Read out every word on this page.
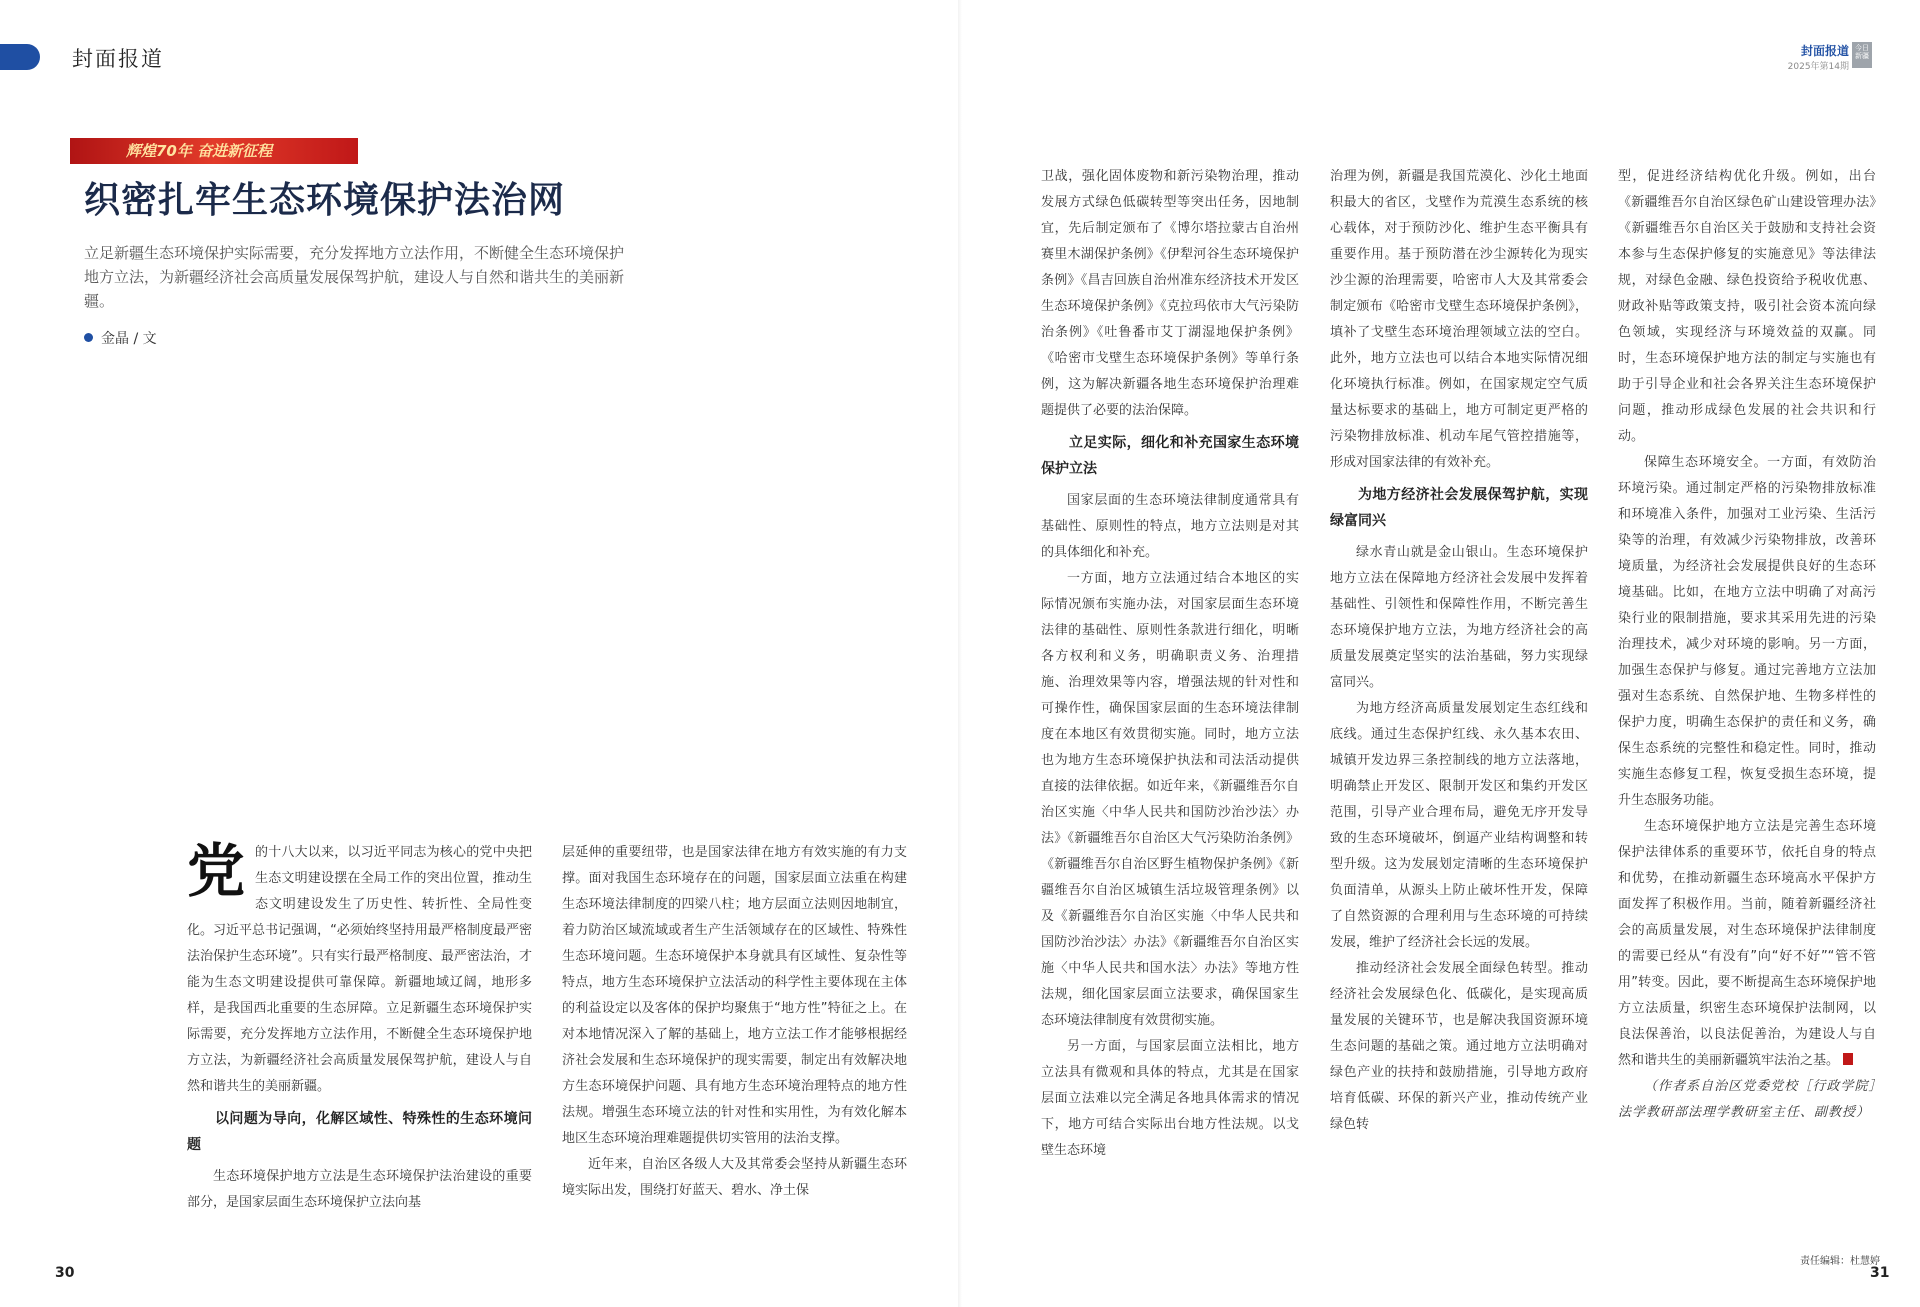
封面报道	封面报道
2025年第14期
今日新疆
辉煌70年 奋进新征程
织密扎牢生态环境保护法治网
立足新疆生态环境保护实际需要，充分发挥地方立法作用，不断健全生态环境保护地方立法，为新疆经济社会高质量发展保驾护航，建设人与自然和谐共生的美丽新疆。
金晶 / 文
党 的十八大以来，以习近平同志为核心的党中央把生态文明建设摆在全局工作的突出位置，推动生态文明建设发生了历史性、转折性、全局性变化。习近平总书记强调，“必须始终坚持用最严格制度最严密法治保护生态环境”。只有实行最严格制度、最严密法治，才能为生态文明建设提供可靠保障。新疆地域辽阔，地形多样，是我国西北重要的生态屏障。立足新疆生态环境保护实际需要，充分发挥地方立法作用，不断健全生态环境保护地方立法，为新疆经济社会高质量发展保驾护航，建设人与自然和谐共生的美丽新疆。

以问题为导向，化解区域性、特殊性的生态环境问题

生态环境保护地方立法是生态环境保护法治建设的重要部分，是国家层面生态环境保护立法向基

层延伸的重要纽带，也是国家法律在地方有效实施的有力支撑。面对我国生态环境存在的问题，国家层面立法重在构建生态环境法律制度的四梁八柱；地方层面立法则因地制宜，着力防治区域流域或者生产生活领域存在的区域性、特殊性生态环境问题。生态环境保护本身就具有区域性、复杂性等特点，地方生态环境保护立法活动的科学性主要体现在主体的利益设定以及客体的保护均聚焦于“地方性”特征之上。在对本地情况深入了解的基础上，地方立法工作才能够根据经济社会发展和生态环境保护的现实需要，制定出有效解决地方生态环境保护问题、具有地方生态环境治理特点的地方性法规。增强生态环境立法的针对性和实用性，为有效化解本地区生态环境治理难题提供切实管用的法治支撑。

近年来，自治区各级人大及其常委会坚持从新疆生态环境实际出发，围绕打好蓝天、碧水、净土保

卫战，强化固体废物和新污染物治理，推动发展方式绿色低碳转型等突出任务，因地制宜，先后制定颁布了《博尔塔拉蒙古自治州赛里木湖保护条例》《伊犁河谷生态环境保护条例》《昌吉回族自治州准东经济技术开发区生态环境保护条例》《克拉玛依市大气污染防治条例》《吐鲁番市艾丁湖湿地保护条例》《哈密市戈壁生态环境保护条例》等单行条例，这为解决新疆各地生态环境保护治理难题提供了必要的法治保障。

立足实际，细化和补充国家生态环境保护立法

国家层面的生态环境法律制度通常具有基础性、原则性的特点，地方立法则是对其的具体细化和补充。

一方面，地方立法通过结合本地区的实际情况颁布实施办法，对国家层面生态环境法律的基础性、原则性条款进行细化，明晰各方权利和义务，明确职责义务、治理措施、治理效果等内容，增强法规的针对性和可操作性，确保国家层面的生态环境法律制度在本地区有效贯彻实施。同时，地方立法也为地方生态环境保护执法和司法活动提供直接的法律依据。如近年来，《新疆维吾尔自治区实施〈中华人民共和国防沙治沙法〉办法》《新疆维吾尔自治区大气污染防治条例》《新疆维吾尔自治区野生植物保护条例》《新疆维吾尔自治区城镇生活垃圾管理条例》以及《新疆维吾尔自治区实施〈中华人民共和国防沙治沙法〉办法》《新疆维吾尔自治区实施〈中华人民共和国水法〉办法》等地方性法规，细化国家层面立法要求，确保国家生态环境法律制度有效贯彻实施。

另一方面，与国家层面立法相比，地方立法具有微观和具体的特点，尤其是在国家层面立法难以完全满足各地具体需求的情况下，地方可结合实际出台地方性法规。以戈壁生态环境

治理为例，新疆是我国荒漠化、沙化土地面积最大的省区，戈壁作为荒漠生态系统的核心载体，对于预防沙化、维护生态平衡具有重要作用。基于预防潜在沙尘源转化为现实沙尘源的治理需要，哈密市人大及其常委会制定颁布《哈密市戈壁生态环境保护条例》，填补了戈壁生态环境治理领域立法的空白。此外，地方立法也可以结合本地实际情况细化环境执行标准。例如，在国家规定空气质量达标要求的基础上，地方可制定更严格的污染物排放标准、机动车尾气管控措施等，形成对国家法律的有效补充。

为地方经济社会发展保驾护航，实现绿富同兴

绿水青山就是金山银山。生态环境保护地方立法在保障地方经济社会发展中发挥着基础性、引领性和保障性作用，不断完善生态环境保护地方立法，为地方经济社会的高质量发展奠定坚实的法治基础，努力实现绿富同兴。

为地方经济高质量发展划定生态红线和底线。通过生态保护红线、永久基本农田、城镇开发边界三条控制线的地方立法落地，明确禁止开发区、限制开发区和集约开发区范围，引导产业合理布局，避免无序开发导致的生态环境破坏，倒逼产业结构调整和转型升级。这为发展划定清晰的生态环境保护负面清单，从源头上防止破坏性开发，保障了自然资源的合理利用与生态环境的可持续发展，维护了经济社会长远的发展。

推动经济社会发展全面绿色转型。推动经济社会发展绿色化、低碳化，是实现高质量发展的关键环节，也是解决我国资源环境生态问题的基础之策。通过地方立法明确对绿色产业的扶持和鼓励措施，引导地方政府培育低碳、环保的新兴产业，推动传统产业绿色转

型，促进经济结构优化升级。例如，出台《新疆维吾尔自治区绿色矿山建设管理办法》《新疆维吾尔自治区关于鼓励和支持社会资本参与生态保护修复的实施意见》等法律法规，对绿色金融、绿色投资给予税收优惠、财政补贴等政策支持，吸引社会资本流向绿色领域，实现经济与环境效益的双赢。同时，生态环境保护地方法的制定与实施也有助于引导企业和社会各界关注生态环境保护问题，推动形成绿色发展的社会共识和行动。

保障生态环境安全。一方面，有效防治环境污染。通过制定严格的污染物排放标准和环境准入条件，加强对工业污染、生活污染等的治理，有效减少污染物排放，改善环境质量，为经济社会发展提供良好的生态环境基础。比如，在地方立法中明确了对高污染行业的限制措施，要求其采用先进的污染治理技术，减少对环境的影响。另一方面，加强生态保护与修复。通过完善地方立法加强对生态系统、自然保护地、生物多样性的保护力度，明确生态保护的责任和义务，确保生态系统的完整性和稳定性。同时，推动实施生态修复工程，恢复受损生态环境，提升生态服务功能。

生态环境保护地方立法是完善生态环境保护法律体系的重要环节，依托自身的特点和优势，在推动新疆生态环境高水平保护方面发挥了积极作用。当前，随着新疆经济社会的高质量发展，对生态环境保护法律制度的需要已经从“有没有”向“好不好”“管不管用”转变。因此，要不断提高生态环境保护地方立法质量，织密生态环境保护法制网，以良法保善治，以良法促善治，为建设人与自然和谐共生的美丽新疆筑牢法治之基。

（作者系自治区党委党校［行政学院］法学教研部法理学教研室主任、副教授）

责任编辑：杜慧婷
30	31
